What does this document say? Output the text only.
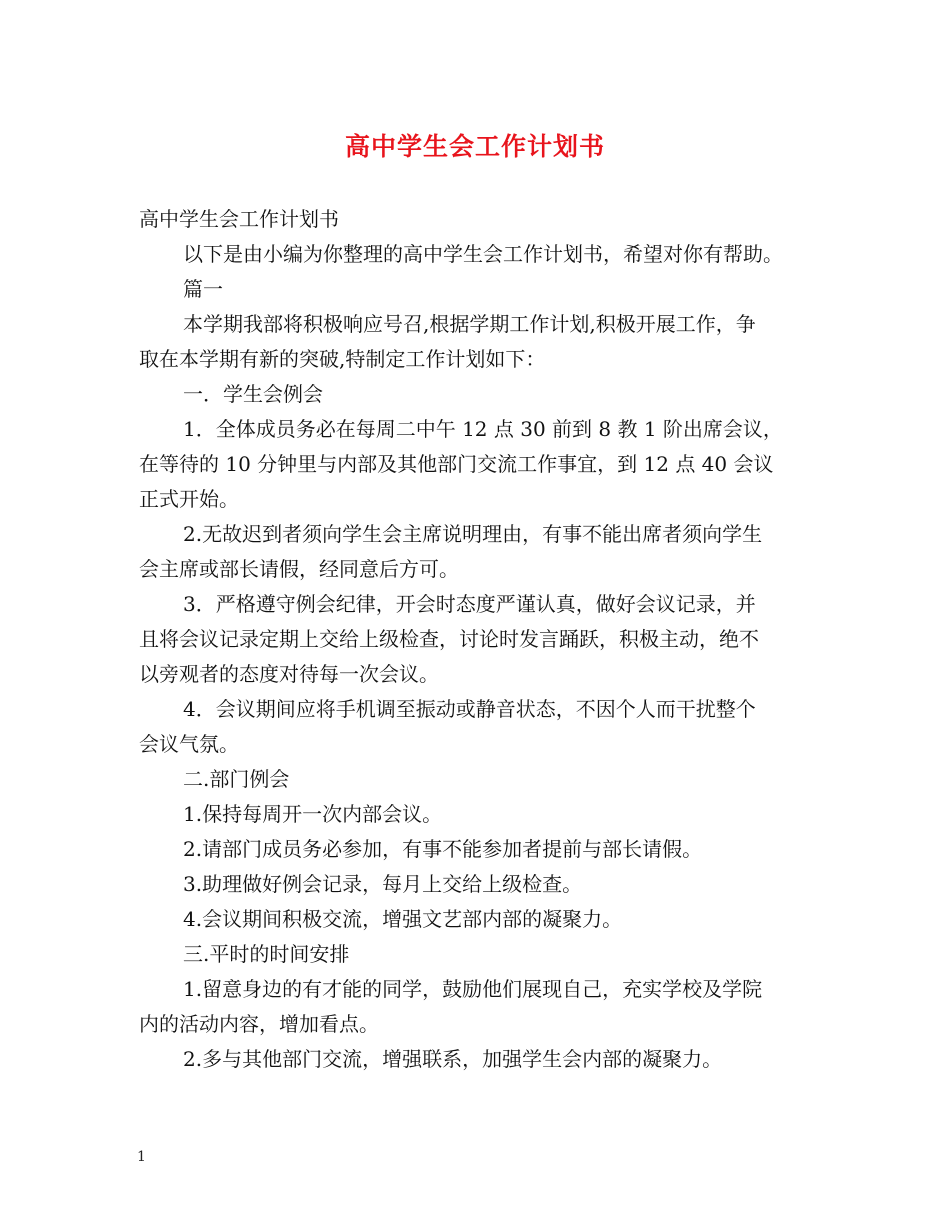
高中学生会工作计划书

高中学生会工作计划书

以下是由小编为你整理的高中学生会工作计划书，希望对你有帮助。

篇一

本学期我部将积极响应号召,根据学期工作计划,积极开展工作，争

取在本学期有新的突破,特制定工作计划如下：

一．学生会例会

1．全体成员务必在每周二中午 12 点 30 前到 8 教 1 阶出席会议，

在等待的 10 分钟里与内部及其他部门交流工作事宜，到 12 点 40 会议

正式开始。

2.无故迟到者须向学生会主席说明理由，有事不能出席者须向学生

会主席或部长请假，经同意后方可。

3．严格遵守例会纪律，开会时态度严谨认真，做好会议记录，并

且将会议记录定期上交给上级检查，讨论时发言踊跃，积极主动，绝不

以旁观者的态度对待每一次会议。

4．会议期间应将手机调至振动或静音状态，不因个人而干扰整个

会议气氛。

二.部门例会

1.保持每周开一次内部会议。

2.请部门成员务必参加，有事不能参加者提前与部长请假。

3.助理做好例会记录，每月上交给上级检查。

4.会议期间积极交流，增强文艺部内部的凝聚力。

三.平时的时间安排

1.留意身边的有才能的同学，鼓励他们展现自己，充实学校及学院

内的活动内容，增加看点。

2.多与其他部门交流，增强联系，加强学生会内部的凝聚力。

1
